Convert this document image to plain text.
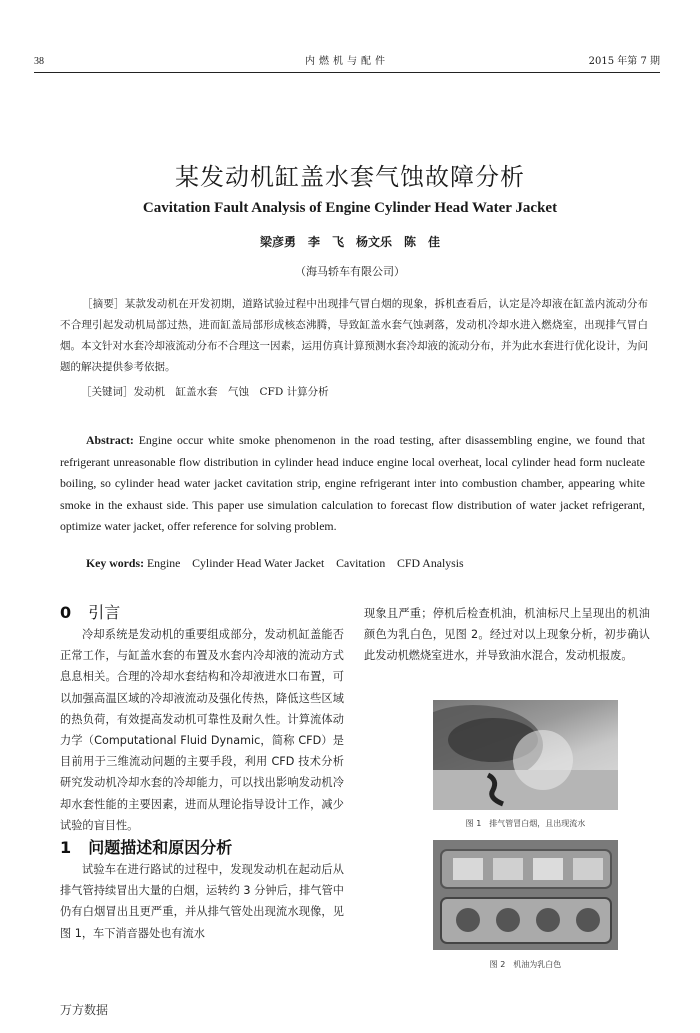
38	内燃机与配件	2015 年第 7 期
某发动机缸盖水套气蚀故障分析
Cavitation Fault Analysis of Engine Cylinder Head Water Jacket
梁彦勇　李　飞　杨文乐　陈　佳
（海马轿车有限公司）
［摘要］某款发动机在开发初期，道路试验过程中出现排气冒白烟的现象，拆机查看后，认定是冷却液在缸盖内流动分布不合理引起发动机局部过热，进而缸盖局部形成核态沸腾，导致缸盖水套气蚀剥落，发动机冷却水进入燃烧室，出现排气冒白烟。本文针对水套冷却液流动分布不合理这一因素，运用仿真计算预测水套冷却液的流动分布，并为此水套进行优化设计，为问题的解决提供参考依据。
［关键词］发动机　缸盖水套　气蚀　CFD 计算分析
Abstract: Engine occur white smoke phenomenon in the road testing, after disassembling engine, we found that refrigerant unreasonable flow distribution in cylinder head induce engine local overheat, local cylinder head form nucleate boiling, so cylinder head water jacket cavitation strip, engine refrigerant inter into combustion chamber, appearing white smoke in the exhaust side. This paper use simulation calculation to forecast flow distribution of water jacket refrigerant, optimize water jacket, offer reference for solving problem.
Key words: Engine　Cylinder Head Water Jacket　Cavitation　CFD Analysis
0 引言

冷却系统是发动机的重要组成部分，发动机缸盖能否正常工作，与缸盖水套的布置及水套内冷却液的流动方式息息相关。合理的冷却水套结构和冷却液进水口布置，可以加强高温区域的冷却液流动及强化传热，降低这些区域的热负荷，有效提高发动机可靠性及耐久性。计算流体动力学（Computational Fluid Dynamic，简称 CFD）是目前用于三维流动问题的主要手段，利用 CFD 技术分析研究发动机冷却水套的冷却能力，可以找出影响发动机冷却水套性能的主要因素，进而从理论指导设计工作，减少试验的盲目性。

1 问题描述和原因分析

试验车在进行路试的过程中，发现发动机在起动后从排气管持续冒出大量的白烟，运转约 3 分钟后，排气管中仍有白烟冒出且更严重，并从排气管处出现流水现像，见图 1，车下消音器处也有流水

现象且严重；停机后检查机油，机油标尺上呈现出的机油颜色为乳白色，见图 2。经过对以上现象分析，初步确认此发动机燃烧室进水，并导致油水混合，发动机报废。

图 1　排气管冒白烟，且出现流水
图 2　机油为乳白色
万方数据
